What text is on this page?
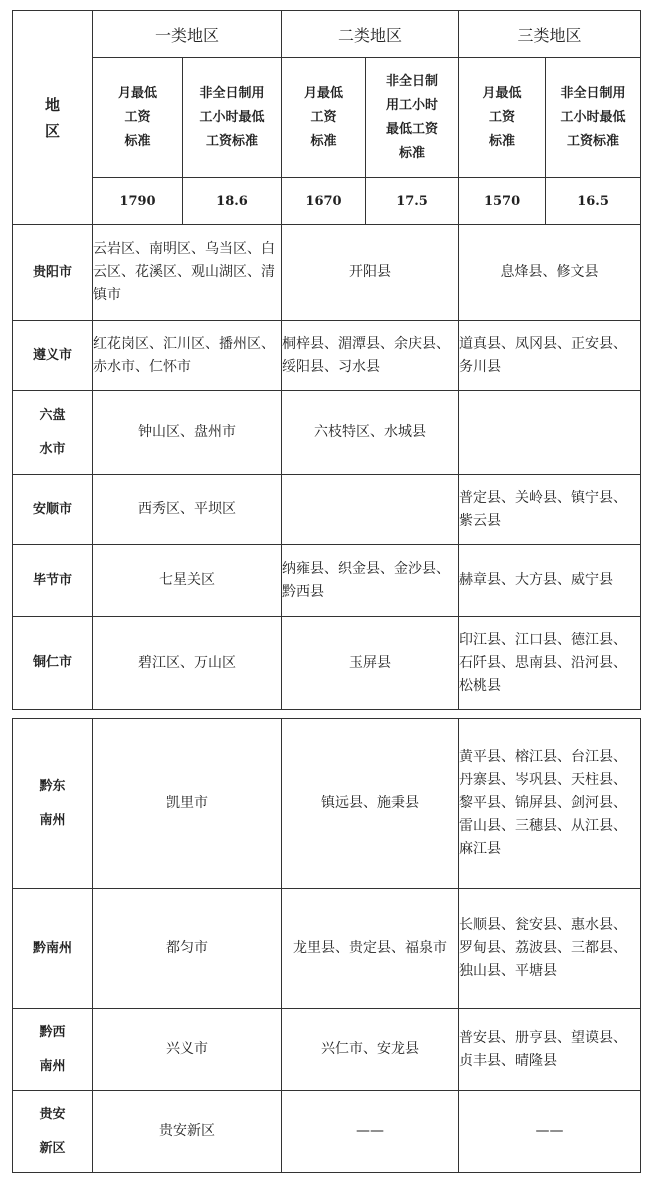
地
区	一类地区		二类地区		三类地区	
	月最低
工资
标准	非全日制用
工小时最低
工资标准	月最低
工资
标准	非全日制
用工小时
最低工资
标准	月最低
工资
标准	非全日制用
工小时最低
工资标准
	1790	18.6	1670	17.5	1570	16.5
贵阳市	云岩区、南明区、乌当区、白云区、花溪区、观山湖区、清镇市		开阳县		息烽县、修文县	
遵义市	红花岗区、汇川区、播州区、赤水市、仁怀市		桐梓县、湄潭县、余庆县、绥阳县、习水县		道真县、凤冈县、正安县、务川县	
六盘
水市	钟山区、盘州市		六枝特区、水城县			
安顺市	西秀区、平坝区				普定县、关岭县、镇宁县、紫云县	
毕节市	七星关区		纳雍县、织金县、金沙县、黔西县		赫章县、大方县、威宁县	
铜仁市	碧江区、万山区		玉屏县		印江县、江口县、德江县、石阡县、思南县、沿河县、松桃县	
黔东
南州	凯里市	镇远县、施秉县	黄平县、榕江县、台江县、丹寨县、岑巩县、天柱县、黎平县、锦屏县、剑河县、雷山县、三穗县、从江县、麻江县
黔南州	都匀市	龙里县、贵定县、福泉市	长顺县、瓮安县、惠水县、罗甸县、荔波县、三都县、独山县、平塘县
黔西
南州	兴义市	兴仁市、安龙县	普安县、册亨县、望谟县、贞丰县、晴隆县
贵安
新区	贵安新区	——	——
